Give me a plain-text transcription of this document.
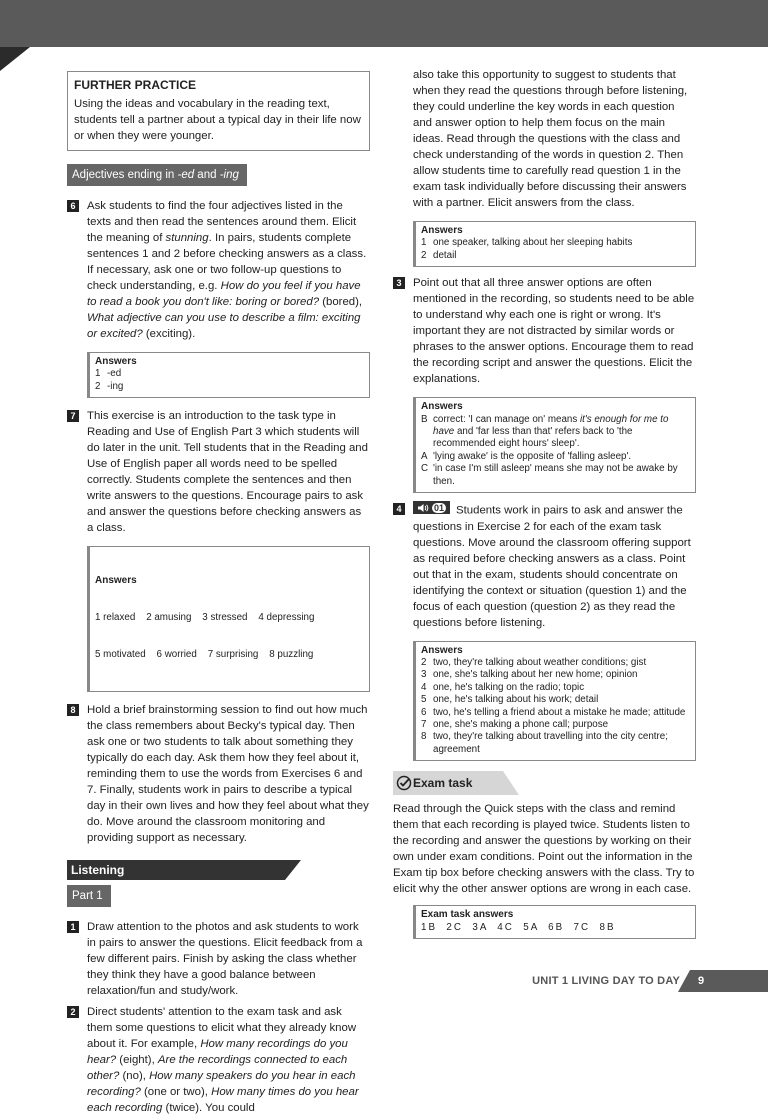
FURTHER PRACTICE

Using the ideas and vocabulary in the reading text, students tell a partner about a typical day in their life now or when they were younger.

Adjectives ending in -ed and -ing
6	Ask students to find the four adjectives listed in the texts and then read the sentences around them. Elicit the meaning of stunning. In pairs, students complete sentences 1 and 2 before checking answers as a class. If necessary, ask one or two follow-up questions to check understanding, e.g. How do you feel if you have to read a book you don't like: boring or bored? (bored), What adjective can you use to describe a film: exciting or excited? (exciting).

Answers
1 -ed
2 -ing
7	This exercise is an introduction to the task type in Reading and Use of English Part 3 which students will do later in the unit. Tell students that in the Reading and Use of English paper all words need to be spelled correctly. Students complete the sentences and then write answers to the questions. Encourage pairs to ask and answer the questions before checking answers as a class.

Answers

1 relaxed    2 amusing    3 stressed    4 depressing

5 motivated    6 worried    7 surprising    8 puzzling

8	Hold a brief brainstorming session to find out how much the class remembers about Becky's typical day. Then ask one or two students to talk about something they typically do each day. Ask them how they feel about it, reminding them to use the words from Exercises 6 and 7. Finally, students work in pairs to describe a typical day in their own lives and how they feel about what they do. Move around the classroom monitoring and providing support as necessary.

Listening
Part 1
1	Draw attention to the photos and ask students to work in pairs to answer the questions. Elicit feedback from a few different pairs. Finish by asking the class whether they think they have a good balance between relaxation/fun and study/work.

2	Direct students' attention to the exam task and ask them some questions to elicit what they already know about it. For example, How many recordings do you hear? (eight), Are the recordings connected to each other? (no), How many speakers do you hear in each recording? (one or two), How many times do you hear each recording (twice). You could

also take this opportunity to suggest to students that when they read the questions through before listening, they could underline the key words in each question and answer option to help them focus on the main ideas. Read through the questions with the class and check understanding of the words in question 2. Then allow students time to carefully read question 1 in the exam task individually before discussing their answers with a partner. Elicit answers from the class.

Answers
1 one speaker, talking about her sleeping habits
2 detail
3	Point out that all three answer options are often mentioned in the recording, so students need to be able to understand why each one is right or wrong. It's important they are not distracted by similar words or phrases to the answer options. Encourage them to read the recording script and answer the questions. Elicit the explanations.

Answers
B correct: 'I can manage on' means it's enough for me to have and 'far less than that' refers back to 'the recommended eight hours' sleep'.
A 'lying awake' is the opposite of 'falling asleep'.
C 'in case I'm still asleep' means she may not be awake by then.
4	01 Students work in pairs to ask and answer the questions in Exercise 2 for each of the exam task questions. Move around the classroom offering support as required before checking answers as a class. Point out that in the exam, students should concentrate on identifying the context or situation (question 1) and the focus of each question (question 2) as they read the questions before listening.

Answers
2 two, they're talking about weather conditions; gist
3 one, she's talking about her new home; opinion
4 one, he's talking on the radio; topic
5 one, he's talking about his work; detail
6 two, he's telling a friend about a mistake he made; attitude
7 one, she's making a phone call; purpose
8 two, they're talking about travelling into the city centre; agreement
Exam task

Read through the Quick steps with the class and remind them that each recording is played twice. Students listen to the recording and answer the questions by working on their own under exam conditions. Point out the information in the Exam tip box before checking answers with the class. Try to elicit why the other answer options are wrong in each case.

Exam task answers
1B  2C  3A  4C  5A  6B  7C  8B
UNIT 1 LIVING DAY TO DAY	9
